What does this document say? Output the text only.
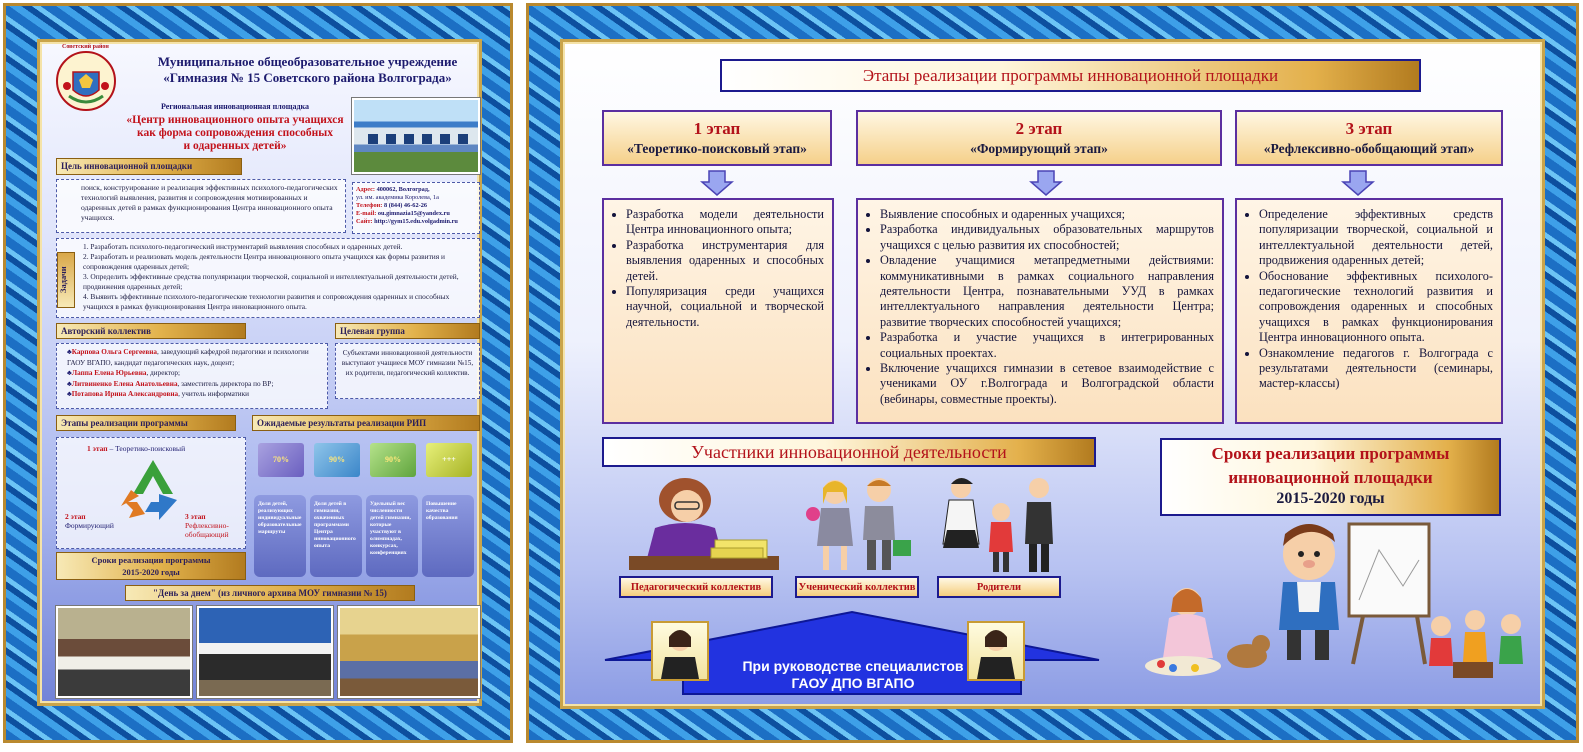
Советский район
Муниципальное общеобразовательное учреждение
«Гимназия № 15 Советского района Волгограда»
Региональная инновационная площадка
«Центр инновационного опыта учащихся
как форма сопровождения способных
и одаренных детей»
Цель инновационной площадки
поиск, конструирование и реализация эффективных психолого-педагогических технологий выявления, развития и сопровождения мотивированных и одаренных детей в рамках функционирования Центра инновационного опыта учащихся.
Адрес: 400062, Волгоград,
ул. им. академика Королева, 1а
Телефон: 8 (844) 46-62-26
E-mail: ou.gimnazia15@yandex.ru
Сайт: http://gym15.edu.volgadmin.ru
1. Разработать психолого-педагогический инструментарий выявления способных и одаренных детей.
2. Разработать и реализовать модель деятельности Центра инновационного опыта учащихся как формы развития и сопровождения одаренных детей;
3. Определить эффективные средства популяризации творческой, социальной и интеллектуальной деятельности детей, продвижения одаренных детей;
4. Выявить эффективные психолого-педагогические технологии развития и сопровождения одаренных и способных учащихся в рамках функционирования Центра инновационного опыта.
Задачи
Авторский коллектив	Целевая группа
♣ Карпова Ольга Сергеевна, заведующий кафедрой педагогики и психологии ГАОУ ВГАПО, кандидат педагогических наук, доцент;
♣ Лаппа Елена Юрьевна, директор;
♣ Литвиненко Елена Анатольевна, заместитель директора по ВР;
♣ Потапова Ирина Александровна, учитель информатики
Субъектами инновационной деятельности выступают учащиеся МОУ гимназии №15, их родители, педагогический коллектив.
Этапы реализации программы	Ожидаемые результаты реализации РИП
1 этап – Теоретико-поисковый
2 этап
Формирующий
3 этап Рефлексивно-обобщающий
70%	90%	90%	+++
Доля детей, реализующих индивидуальные образовательные маршруты
Доля детей в гимназии, охваченных программами Центра инновационного опыта
Удельный вес численности детей гимназии, которые участвуют в олимпиадах, конкурсах, конференциях
Повышение качества образования
Сроки реализации программы
2015-2020 годы
"День за днем" (из личного архива МОУ гимназии № 15)
Этапы реализации программы инновационной площадки
1 этап
«Теоретико-поисковый этап»
2 этап
«Формирующий этап»
3 этап
«Рефлексивно-обобщающий этап»
• Разработка модели деятельности Центра инновационного опыта;
• Разработка инструментария для выявления одаренных и способных детей.
• Популяризация среди учащихся научной, социальной и творческой деятельности.
• Выявление способных и одаренных учащихся;
• Разработка индивидуальных образовательных маршрутов учащихся с целью развития их способностей;
• Овладение учащимися метапредметными действиями: коммуникативными в рамках социального направления деятельности Центра, познавательными УУД в рамках интеллектуального направления деятельности Центра; развитие творческих способностей учащихся;
• Разработка и участие учащихся в интегрированных социальных проектах.
• Включение учащихся гимназии в сетевое взаимодействие с учениками ОУ г.Волгограда и Волгоградской области (вебинары, совместные проекты).
• Определение эффективных средств популяризации творческой, социальной и интеллектуальной деятельности детей, продвижения одаренных детей;
• Обоснование эффективных психолого-педагогические технологий развития и сопровождения одаренных и способных учащихся в рамках функционирования Центра инновационного опыта.
• Ознакомление педагогов г. Волгограда с результатами деятельности (семинары, мастер-классы)
Участники инновационной деятельности
Педагогический коллектив	Ученический коллектив	Родители
При руководстве специалистов
ГАОУ ДПО ВГАПО
Сроки реализации программы
инновационной площадки
2015-2020 годы
